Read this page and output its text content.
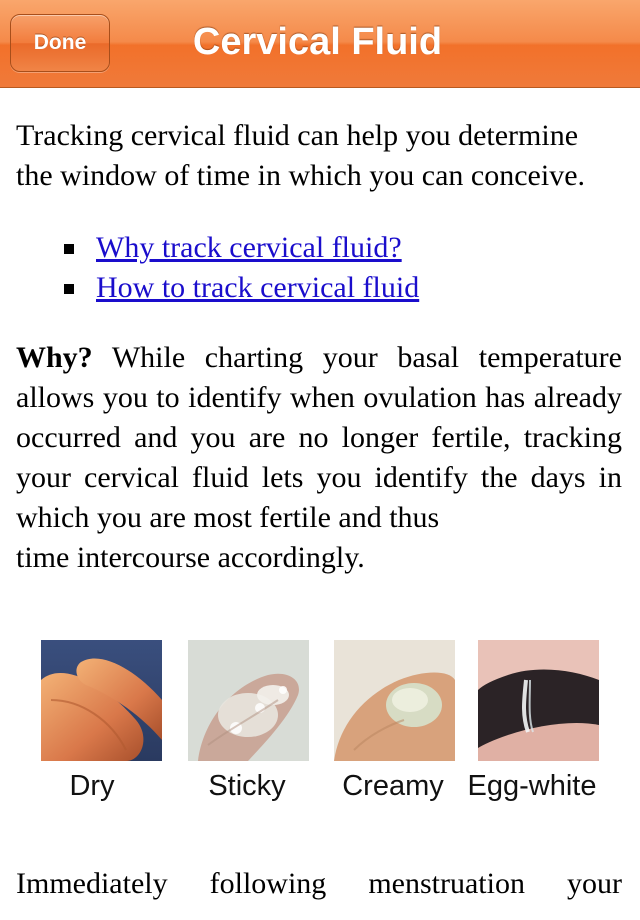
Done	Cervical Fluid

Tracking cervical fluid can help you determine the window of time in which you can conceive.

Why track cervical fluid?
How to track cervical fluid

Why? While charting your basal temperature allows you to identify when ovulation has already occurred and you are no longer fertile, tracking your cervical fluid lets you identify the days in which you are most fertile and thus

time intercourse accordingly.

Dry	Sticky	Creamy Egg-white
Immediately following menstruation your
